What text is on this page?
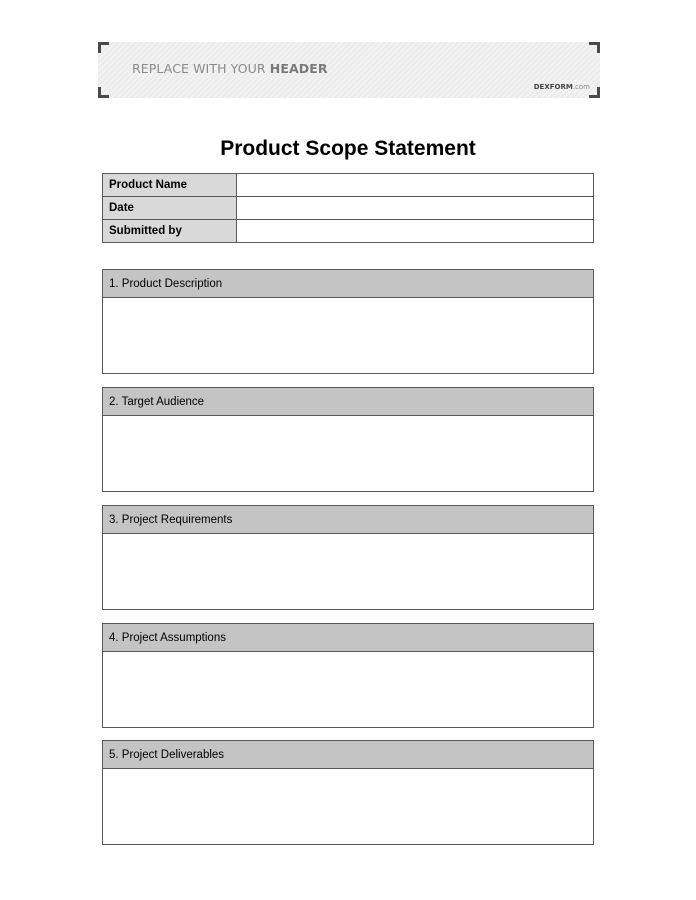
REPLACE WITH YOUR HEADER
DEXFORM.com
Product Scope Statement
Product Name	
Date	
Submitted by	
1. Product Description
2. Target Audience
3. Project Requirements
4. Project Assumptions
5. Project Deliverables
